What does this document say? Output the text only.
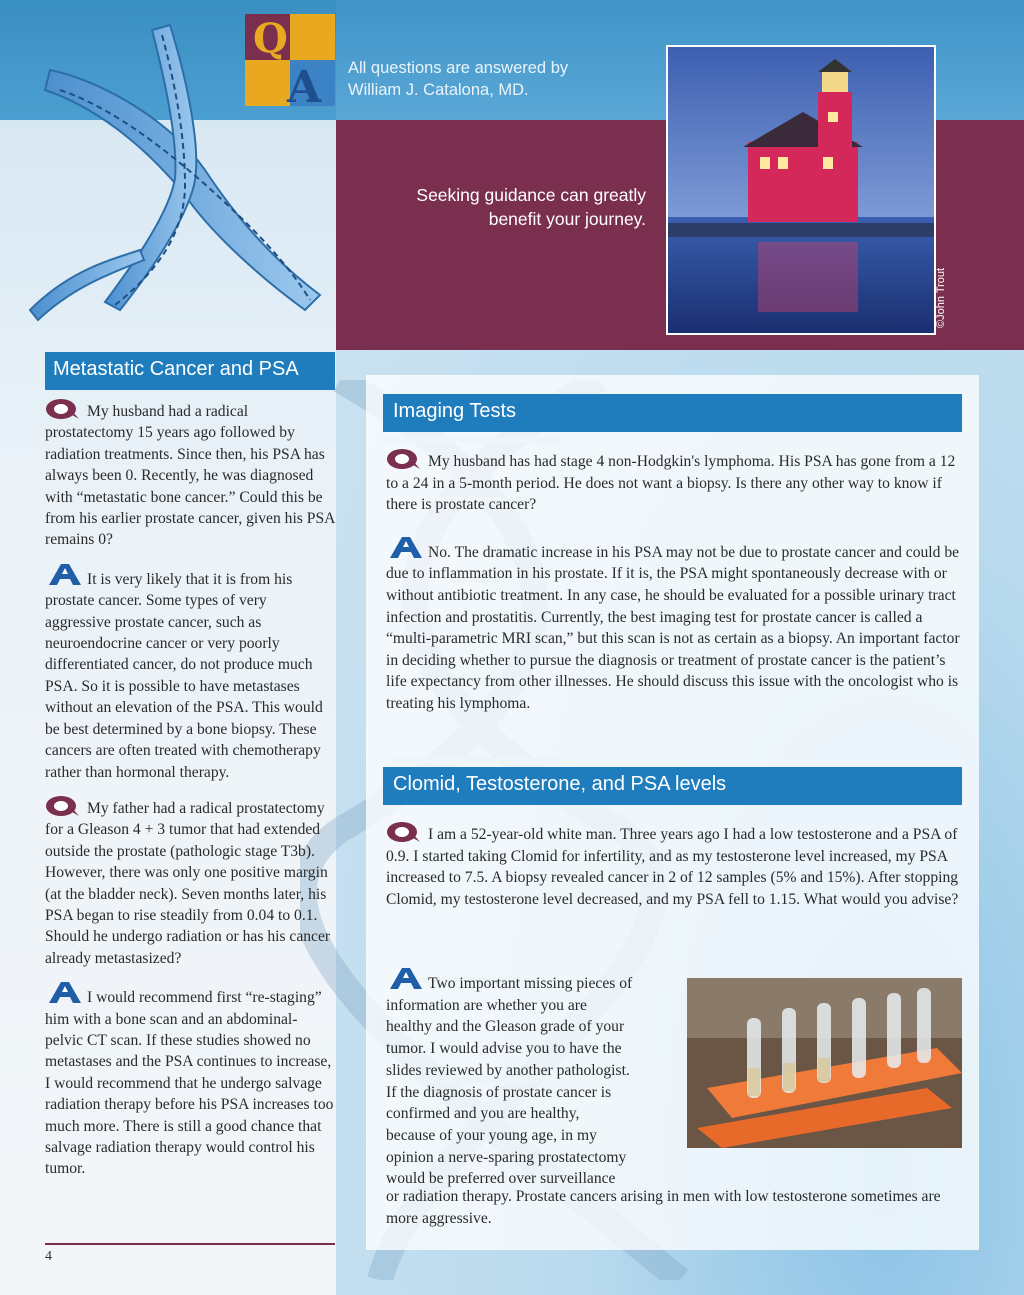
Q
A All questions are answered by William J. Catalona, MD.
Seeking guidance can greatly benefit your journey.
©John Trout
Metastatic Cancer and PSA

My husband had a radical prostatectomy 15 years ago followed by radiation treatments. Since then, his PSA has always been 0. Recently, he was diagnosed with “metastatic bone cancer.” Could this be from his earlier prostate cancer, given his PSA remains 0?

It is very likely that it is from his prostate cancer. Some types of very aggressive prostate cancer, such as neuroendocrine cancer or very poorly differentiated cancer, do not produce much PSA. So it is possible to have metastases without an elevation of the PSA. This would be best determined by a bone biopsy. These cancers are often treated with chemotherapy rather than hormonal therapy.

My father had a radical prostatectomy for a Gleason 4 + 3 tumor that had extended outside the prostate (pathologic stage T3b). However, there was only one positive margin (at the bladder neck). Seven months later, his PSA began to rise steadily from 0.04 to 0.1. Should he undergo radiation or has his cancer already metastasized?

I would recommend first “re-staging” him with a bone scan and an abdominal-pelvic CT scan. If these studies showed no metastases and the PSA continues to increase, I would recommend that he undergo salvage radiation therapy before his PSA increases too much more. There is still a good chance that salvage radiation therapy would control his tumor.

4
Imaging Tests

My husband has had stage 4 non-Hodgkin's lymphoma. His PSA has gone from a 12 to a 24 in a 5-month period. He does not want a biopsy. Is there any other way to know if there is prostate cancer?

No. The dramatic increase in his PSA may not be due to prostate cancer and could be due to inflammation in his prostate. If it is, the PSA might spontaneously decrease with or without antibiotic treatment. In any case, he should be evaluated for a possible urinary tract infection and prostatitis. Currently, the best imaging test for prostate cancer is called a “multi-parametric MRI scan,” but this scan is not as certain as a biopsy. An important factor in deciding whether to pursue the diagnosis or treatment of prostate cancer is the patient’s life expectancy from other illnesses. He should discuss this issue with the oncologist who is treating his lymphoma.

Clomid, Testosterone, and PSA levels

I am a 52-year-old white man. Three years ago I had a low testosterone and a PSA of 0.9. I started taking Clomid for infertility, and as my testosterone level increased, my PSA increased to 7.5. A biopsy revealed cancer in 2 of 12 samples (5% and 15%). After stopping Clomid, my testosterone level decreased, and my PSA fell to 1.15. What would you advise?

Two important missing pieces of
information are whether you are
healthy and the Gleason grade of your
tumor. I would advise you to have the
slides reviewed by another pathologist.
If the diagnosis of prostate cancer is
confirmed and you are healthy,
because of your young age, in my
opinion a nerve-sparing prostatectomy
would be preferred over surveillance
or radiation therapy. Prostate cancers arising in men with low testosterone sometimes are more aggressive.
